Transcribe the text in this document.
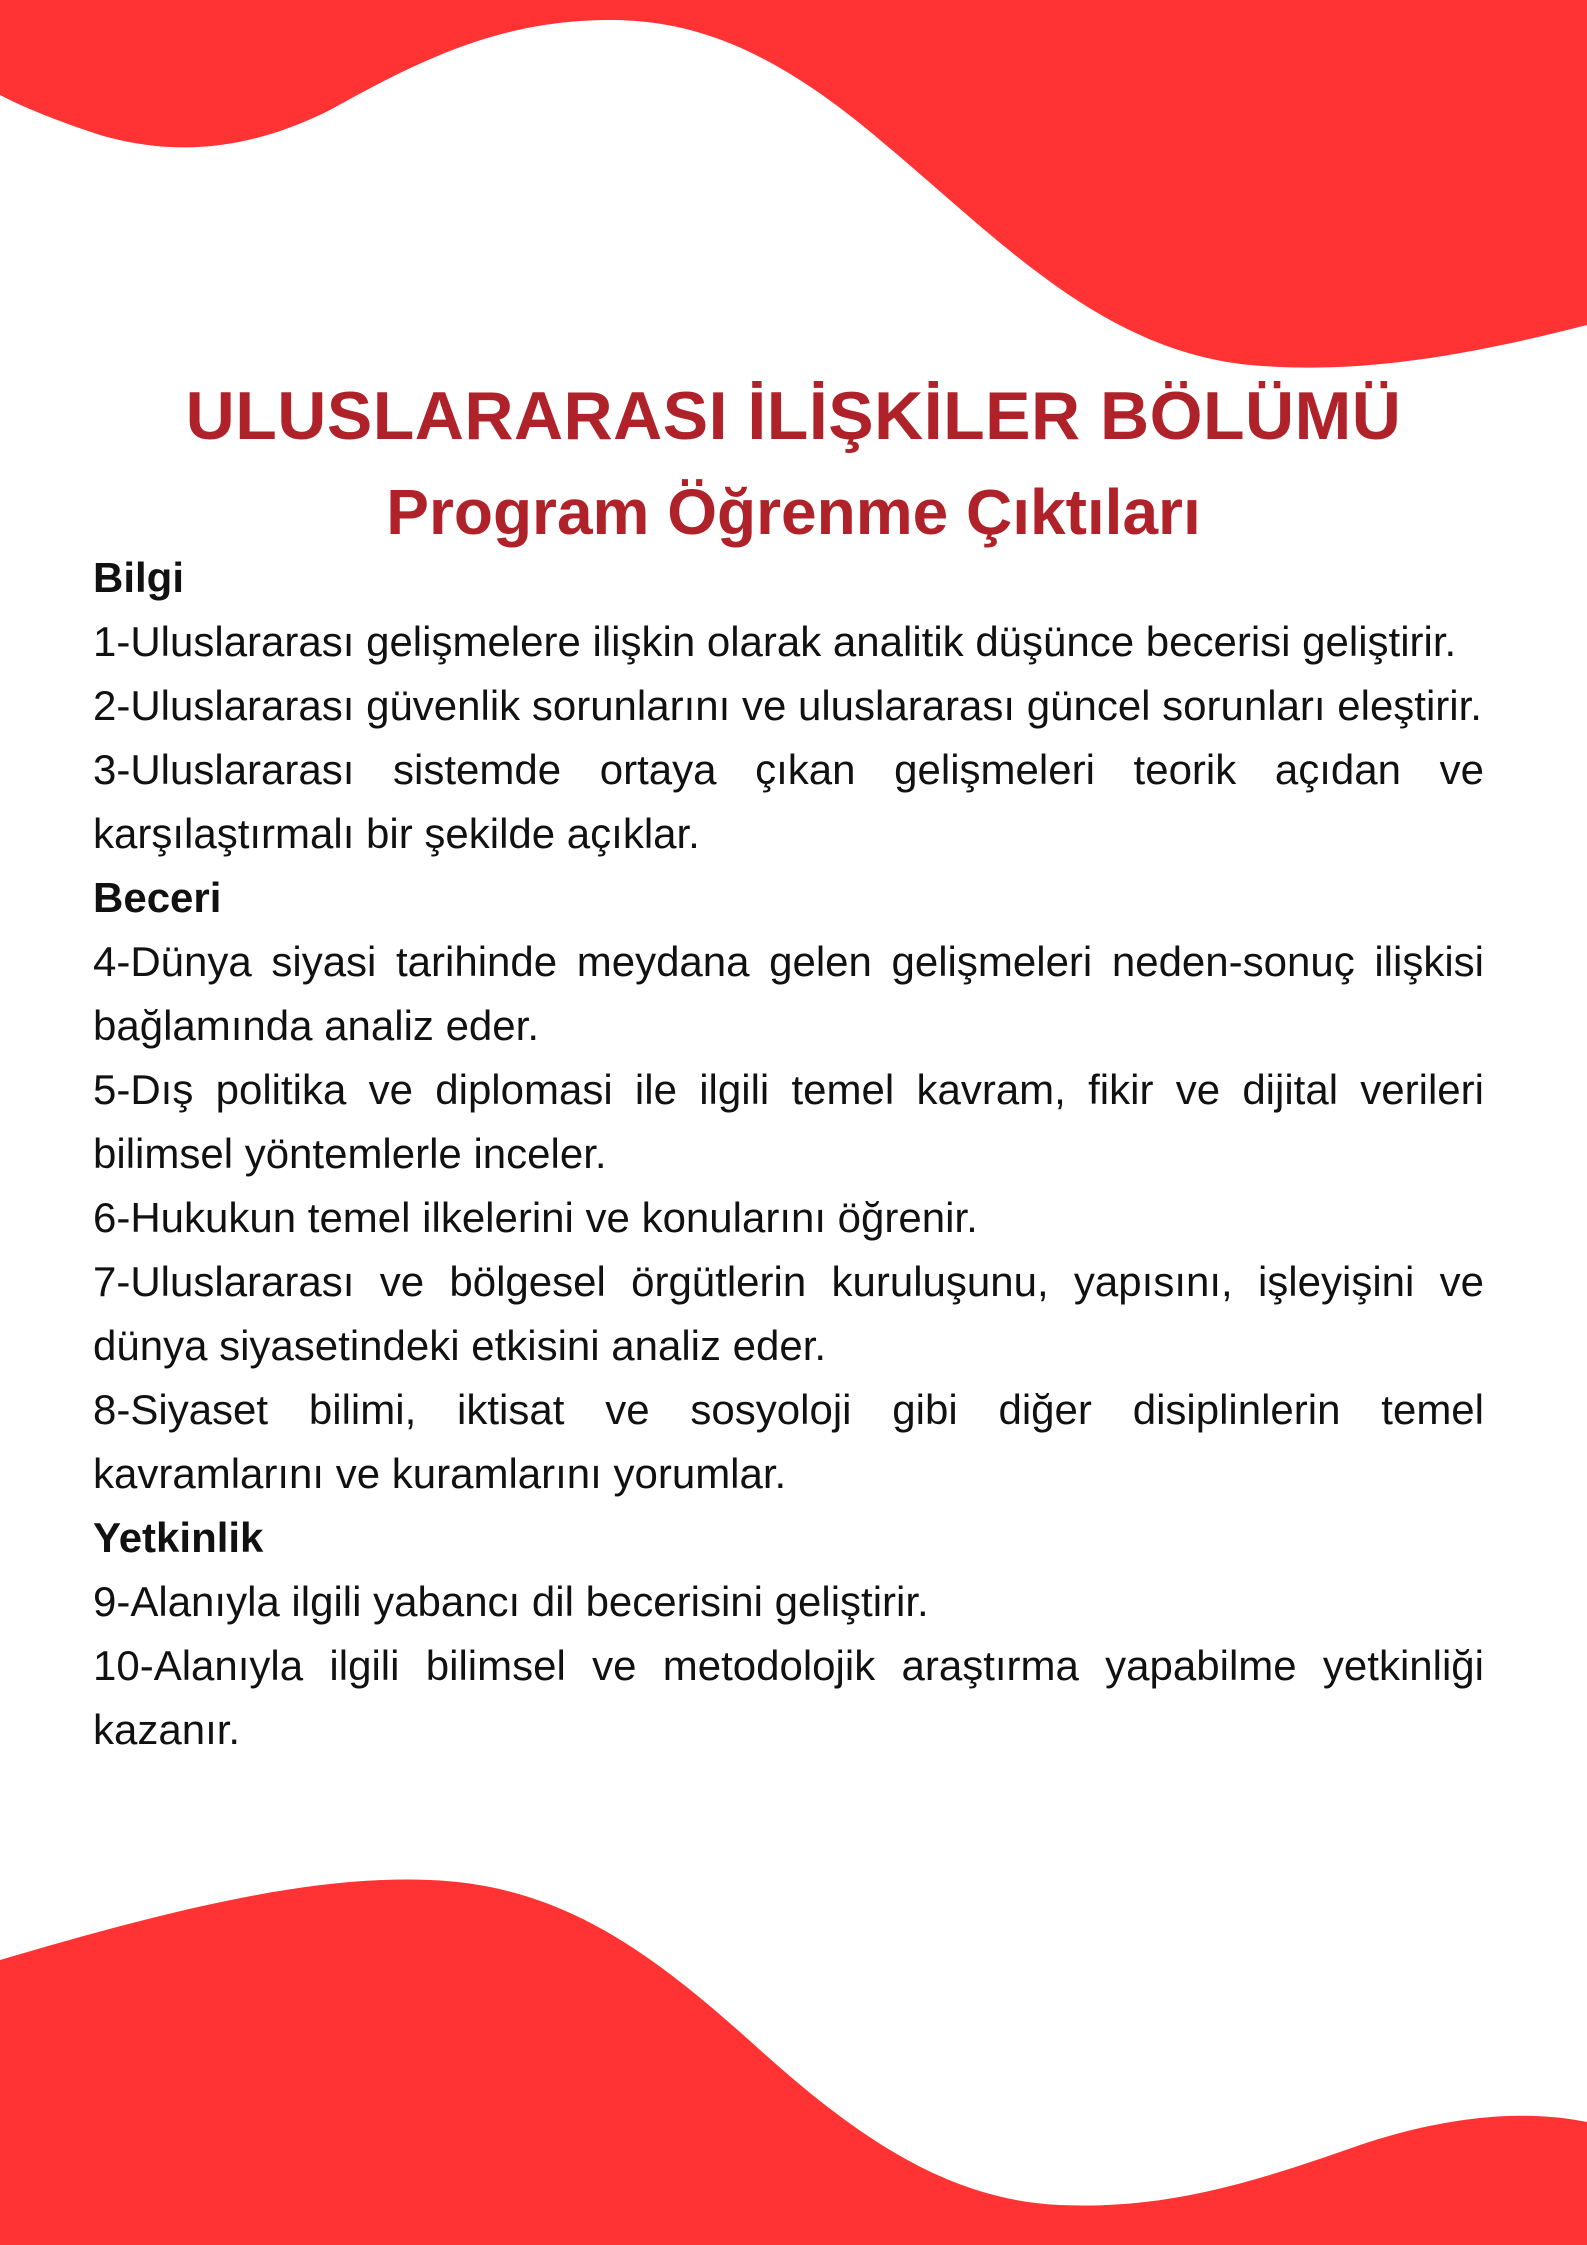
ULUSLARARASI İLİŞKİLER BÖLÜMÜ
Program Öğrenme Çıktıları

Bilgi

1-Uluslararası gelişmelere ilişkin olarak analitik düşünce becerisi geliştirir.

2-Uluslararası güvenlik sorunlarını ve uluslararası güncel sorunları eleştirir.

3-Uluslararası sistemde ortaya çıkan gelişmeleri teorik açıdan ve karşılaştırmalı bir şekilde açıklar.

Beceri

4-Dünya siyasi tarihinde meydana gelen gelişmeleri neden-sonuç ilişkisi bağlamında analiz eder.

5-Dış politika ve diplomasi ile ilgili temel kavram, fikir ve dijital verileri bilimsel yöntemlerle inceler.

6-Hukukun temel ilkelerini ve konularını öğrenir.

7-Uluslararası ve bölgesel örgütlerin kuruluşunu, yapısını, işleyişini ve dünya siyasetindeki etkisini analiz eder.

8-Siyaset bilimi, iktisat ve sosyoloji gibi diğer disiplinlerin temel kavramlarını ve kuramlarını yorumlar.

Yetkinlik

9-Alanıyla ilgili yabancı dil becerisini geliştirir.

10-Alanıyla ilgili bilimsel ve metodolojik araştırma yapabilme yetkinliği kazanır.
